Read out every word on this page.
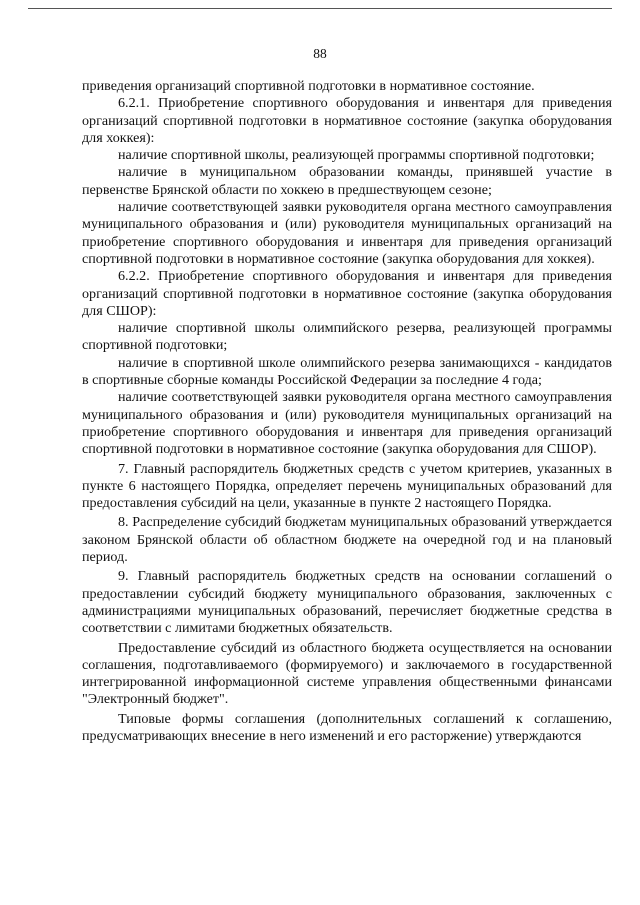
88

приведения организаций спортивной подготовки в нормативное состояние.

6.2.1. Приобретение спортивного оборудования и инвентаря для приведения организаций спортивной подготовки в нормативное состояние (закупка оборудования для хоккея):

наличие спортивной школы, реализующей программы спортивной подготовки;

наличие в муниципальном образовании команды, принявшей участие в первенстве Брянской области по хоккею в предшествующем сезоне;

наличие соответствующей заявки руководителя органа местного самоуправления муниципального образования и (или) руководителя муниципальных организаций на приобретение спортивного оборудования и инвентаря для приведения организаций спортивной подготовки в нормативное состояние (закупка оборудования для хоккея).

6.2.2. Приобретение спортивного оборудования и инвентаря для приведения организаций спортивной подготовки в нормативное состояние (закупка оборудования для СШОР):

наличие спортивной школы олимпийского резерва, реализующей программы спортивной подготовки;

наличие в спортивной школе олимпийского резерва занимающихся - кандидатов в спортивные сборные команды Российской Федерации за последние 4 года;

наличие соответствующей заявки руководителя органа местного самоуправления муниципального образования и (или) руководителя муниципальных организаций на приобретение спортивного оборудования и инвентаря для приведения организаций спортивной подготовки в нормативное состояние (закупка оборудования для СШОР).

7. Главный распорядитель бюджетных средств с учетом критериев, указанных в пункте 6 настоящего Порядка, определяет перечень муниципальных образований для предоставления субсидий на цели, указанные в пункте 2 настоящего Порядка.

8. Распределение субсидий бюджетам муниципальных образований утверждается законом Брянской области об областном бюджете на очередной год и на плановый период.

9. Главный распорядитель бюджетных средств на основании соглашений о предоставлении субсидий бюджету муниципального образования, заключенных с администрациями муниципальных образований, перечисляет бюджетные средства в соответствии с лимитами бюджетных обязательств.

Предоставление субсидий из областного бюджета осуществляется на основании соглашения, подготавливаемого (формируемого) и заключаемого в государственной интегрированной информационной системе управления общественными финансами "Электронный бюджет".

Типовые формы соглашения (дополнительных соглашений к соглашению, предусматривающих внесение в него изменений и его расторжение) утверждаются
